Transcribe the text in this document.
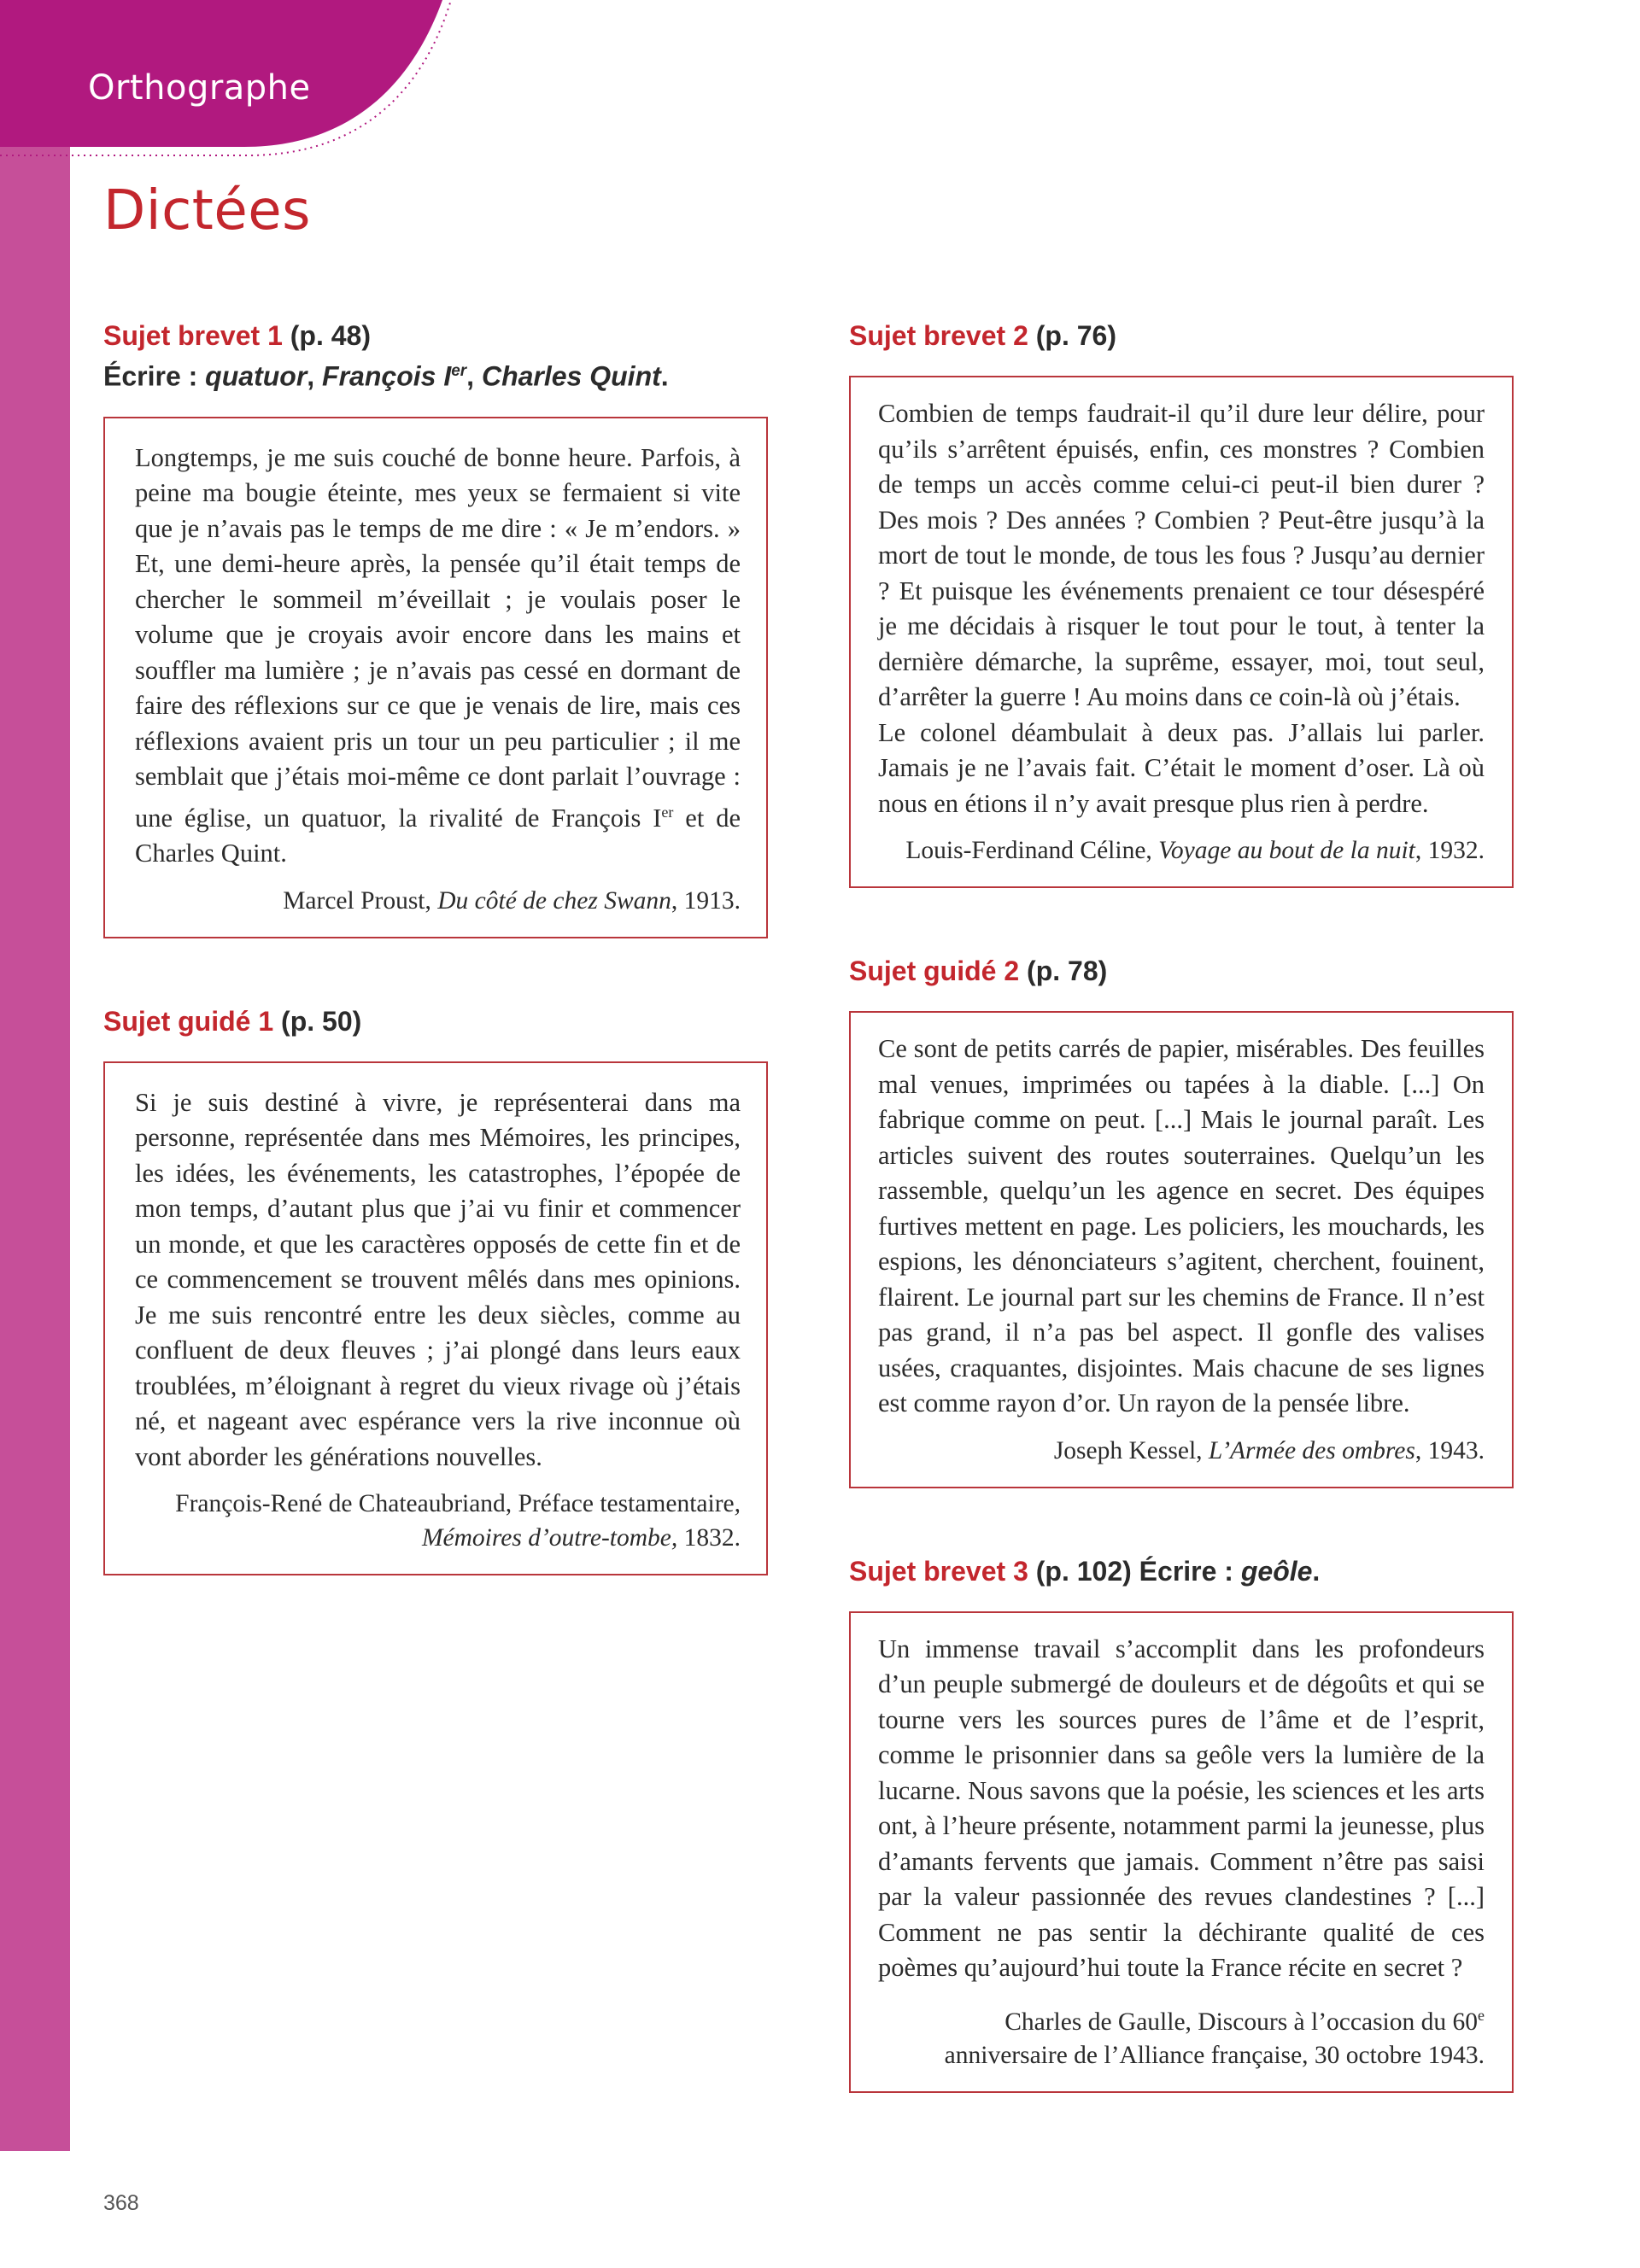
Orthographe
Dictées
Sujet brevet 1 (p. 48)
Écrire : quatuor, François Ier, Charles Quint.

Longtemps, je me suis couché de bonne heure. Parfois, à peine ma bougie éteinte, mes yeux se fermaient si vite que je n’avais pas le temps de me dire : « Je m’endors. » Et, une demi-heure après, la pensée qu’il était temps de chercher le sommeil m’éveillait ; je voulais poser le volume que je croyais avoir encore dans les mains et souffler ma lumière ; je n’avais pas cessé en dormant de faire des réflexions sur ce que je venais de lire, mais ces réflexions avaient pris un tour un peu particulier ; il me semblait que j’étais moi-même ce dont parlait l’ouvrage : une église, un quatuor, la rivalité de François Ier et de Charles Quint.

Marcel Proust, Du côté de chez Swann, 1913.

Sujet guidé 1 (p. 50)

Si je suis destiné à vivre, je représenterai dans ma personne, représentée dans mes Mémoires, les principes, les idées, les événements, les catastrophes, l’épopée de mon temps, d’autant plus que j’ai vu finir et commencer un monde, et que les caractères opposés de cette fin et de ce commencement se trouvent mêlés dans mes opinions. Je me suis rencontré entre les deux siècles, comme au confluent de deux fleuves ; j’ai plongé dans leurs eaux troublées, m’éloignant à regret du vieux rivage où j’étais né, et nageant avec espérance vers la rive inconnue où vont aborder les générations nouvelles.

François-René de Chateaubriand, Préface testamentaire,
Mémoires d’outre-tombe, 1832.

Sujet brevet 2 (p. 76)

Combien de temps faudrait-il qu’il dure leur délire, pour qu’ils s’arrêtent épuisés, enfin, ces monstres ? Combien de temps un accès comme celui-ci peut-il bien durer ? Des mois ? Des années ? Combien ? Peut-être jusqu’à la mort de tout le monde, de tous les fous ? Jusqu’au dernier ? Et puisque les événements prenaient ce tour désespéré je me décidais à risquer le tout pour le tout, à tenter la dernière démarche, la suprême, essayer, moi, tout seul, d’arrêter la guerre ! Au moins dans ce coin-là où j’étais.

Le colonel déambulait à deux pas. J’allais lui parler. Jamais je ne l’avais fait. C’était le moment d’oser. Là où nous en étions il n’y avait presque plus rien à perdre.

Louis-Ferdinand Céline, Voyage au bout de la nuit, 1932.

Sujet guidé 2 (p. 78)

Ce sont de petits carrés de papier, misérables. Des feuilles mal venues, imprimées ou tapées à la diable. [...] On fabrique comme on peut. [...] Mais le journal paraît. Les articles suivent des routes souterraines. Quelqu’un les rassemble, quelqu’un les agence en secret. Des équipes furtives mettent en page. Les policiers, les mouchards, les espions, les dénonciateurs s’agitent, cherchent, fouinent, flairent. Le journal part sur les chemins de France. Il n’est pas grand, il n’a pas bel aspect. Il gonfle des valises usées, craquantes, disjointes. Mais chacune de ses lignes est comme rayon d’or. Un rayon de la pensée libre.

Joseph Kessel, L’Armée des ombres, 1943.

Sujet brevet 3 (p. 102) Écrire : geôle.

Un immense travail s’accomplit dans les profondeurs d’un peuple submergé de douleurs et de dégoûts et qui se tourne vers les sources pures de l’âme et de l’esprit, comme le prisonnier dans sa geôle vers la lumière de la lucarne. Nous savons que la poésie, les sciences et les arts ont, à l’heure présente, notamment parmi la jeunesse, plus d’amants fervents que jamais. Comment n’être pas saisi par la valeur passionnée des revues clandestines ? [...] Comment ne pas sentir la déchirante qualité de ces poèmes qu’aujourd’hui toute la France récite en secret ?

Charles de Gaulle, Discours à l’occasion du 60e
anniversaire de l’Alliance française, 30 octobre 1943.

368
